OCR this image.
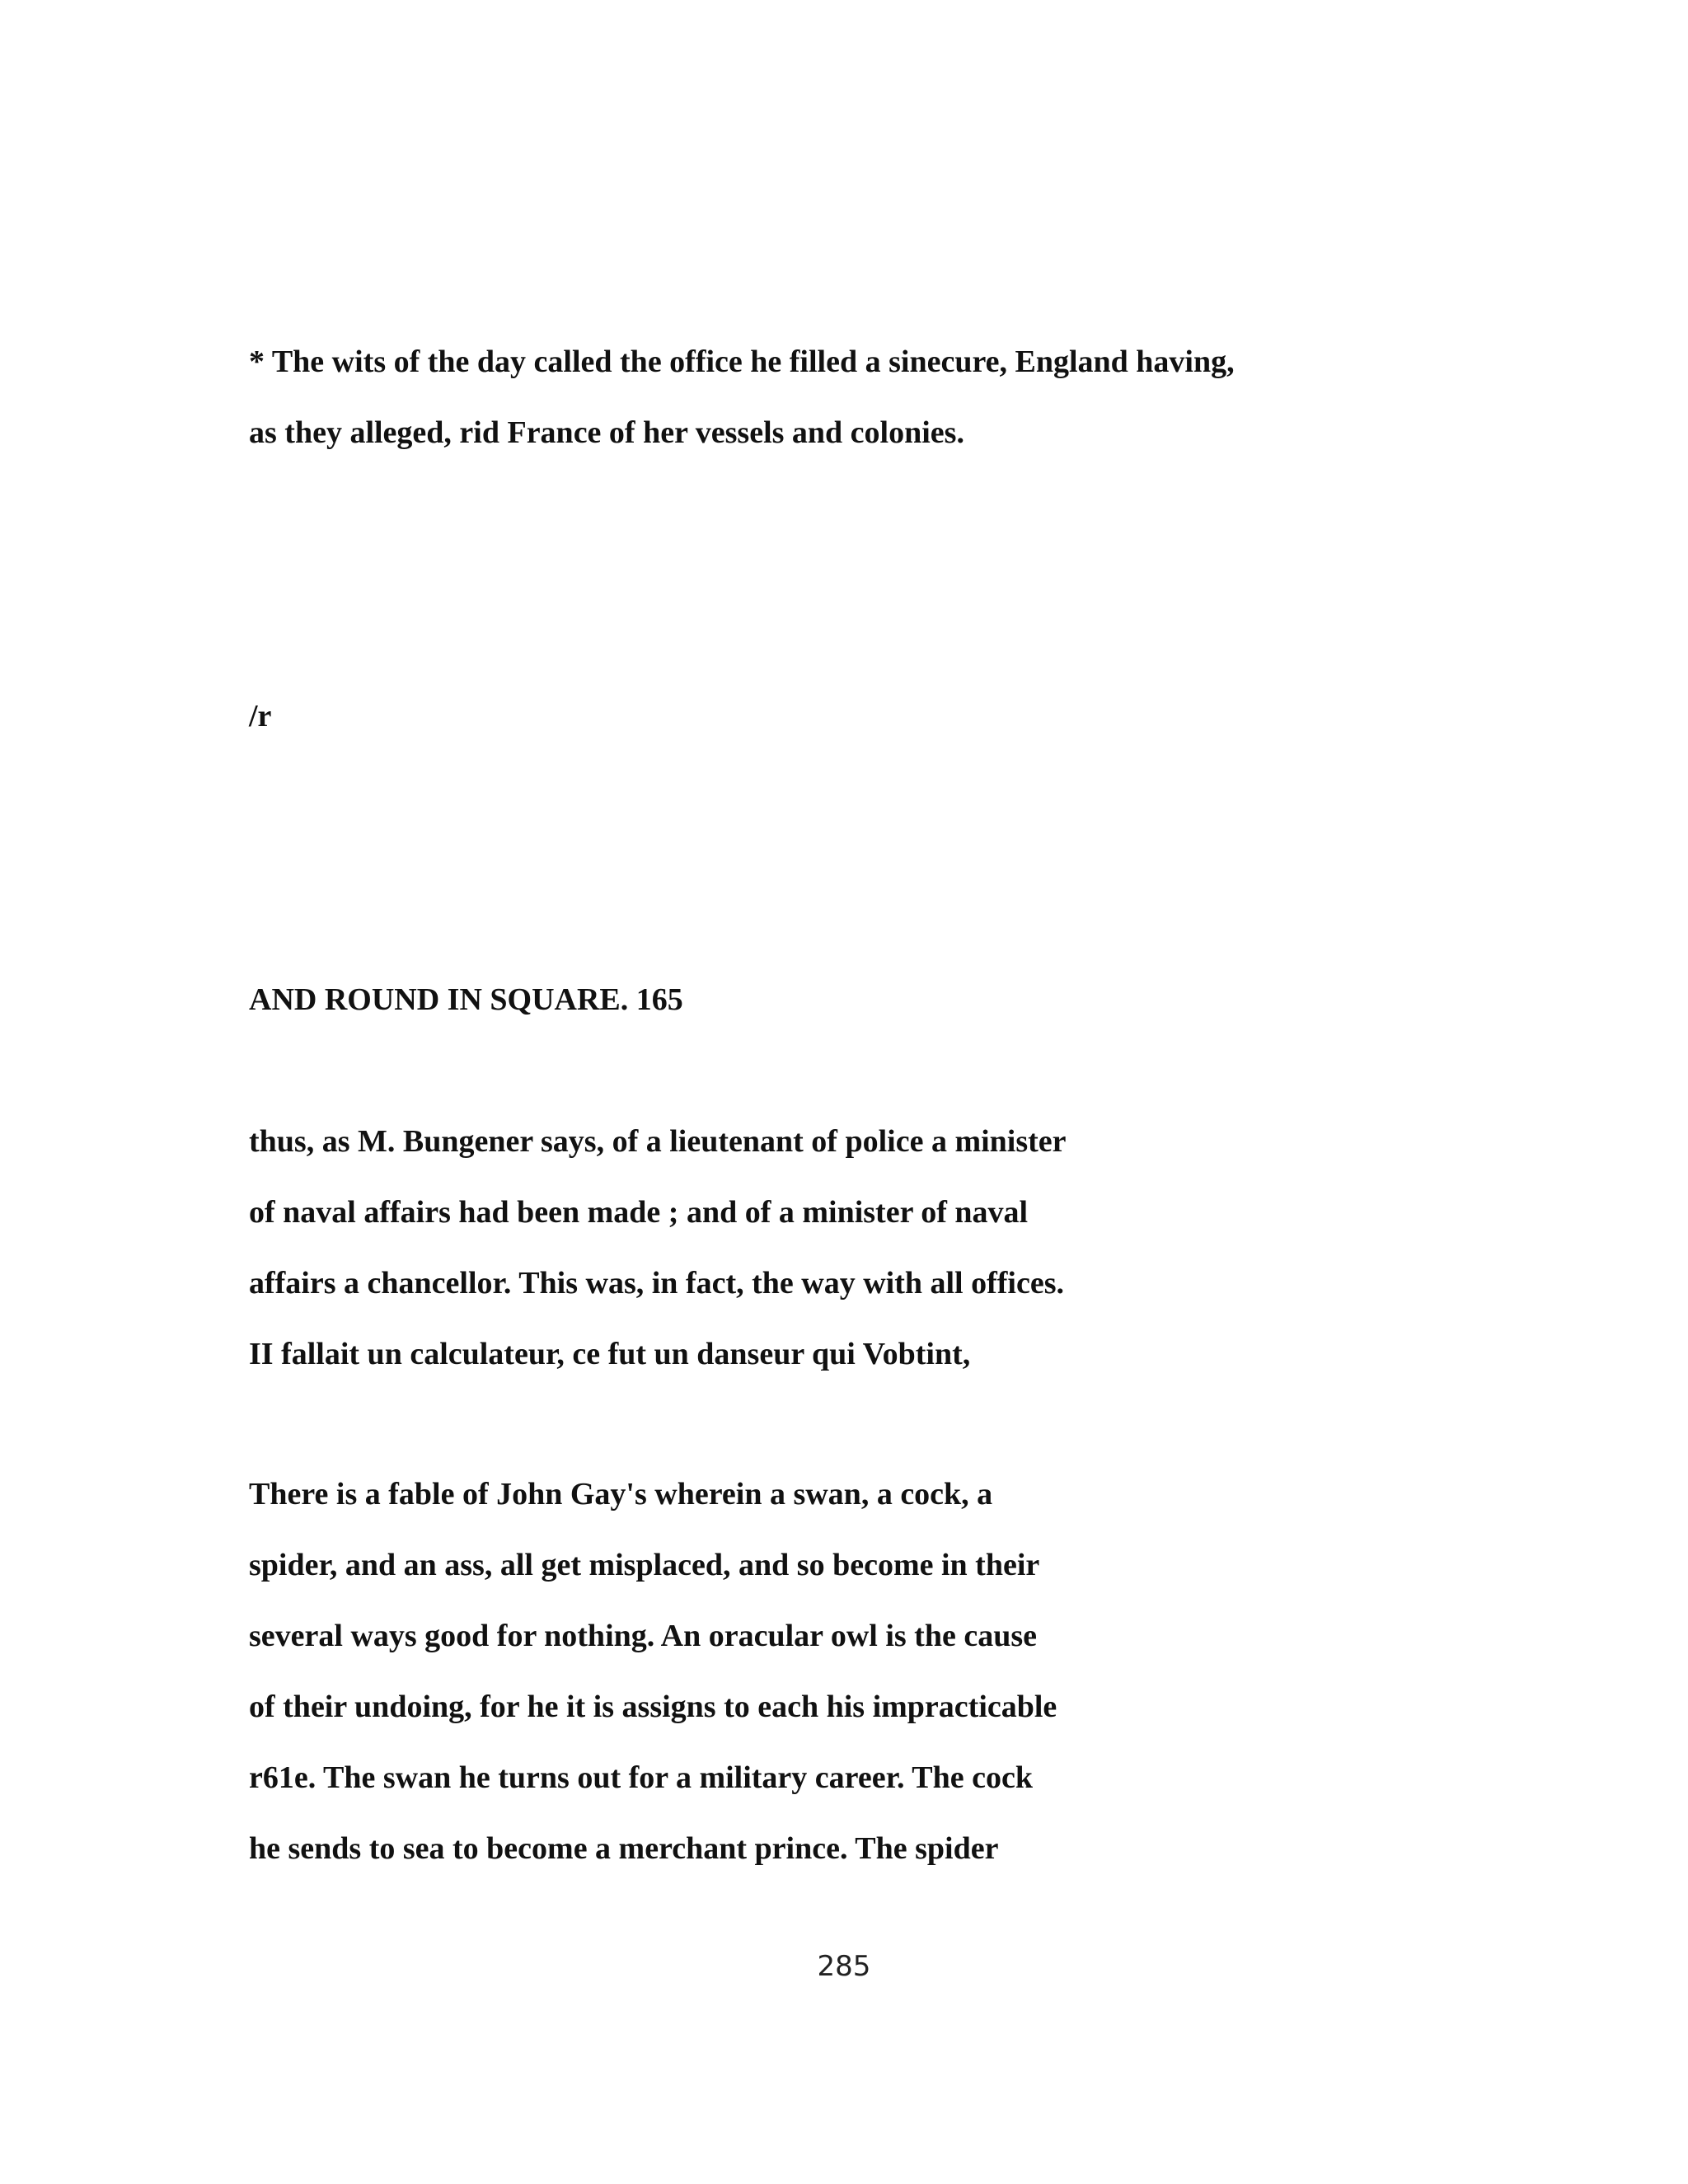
* The wits of the day called the office he filled a sinecure, England having,
as they alleged, rid France of her vessels and colonies.
/r
AND ROUND IN SQUARE. 165
thus, as M. Bungener says, of a lieutenant of police a minister
of naval affairs had been made ; and of a minister of naval
affairs a chancellor. This was, in fact, the way with all offices.
II fallait un calculateur, ce fut un danseur qui Vobtint,
There is a fable of John Gay's wherein a swan, a cock, a
spider, and an ass, all get misplaced, and so become in their
several ways good for nothing. An oracular owl is the cause
of their undoing, for he it is assigns to each his impracticable
r61e. The swan he turns out for a military career. The cock
he sends to sea to become a merchant prince. The spider
285
